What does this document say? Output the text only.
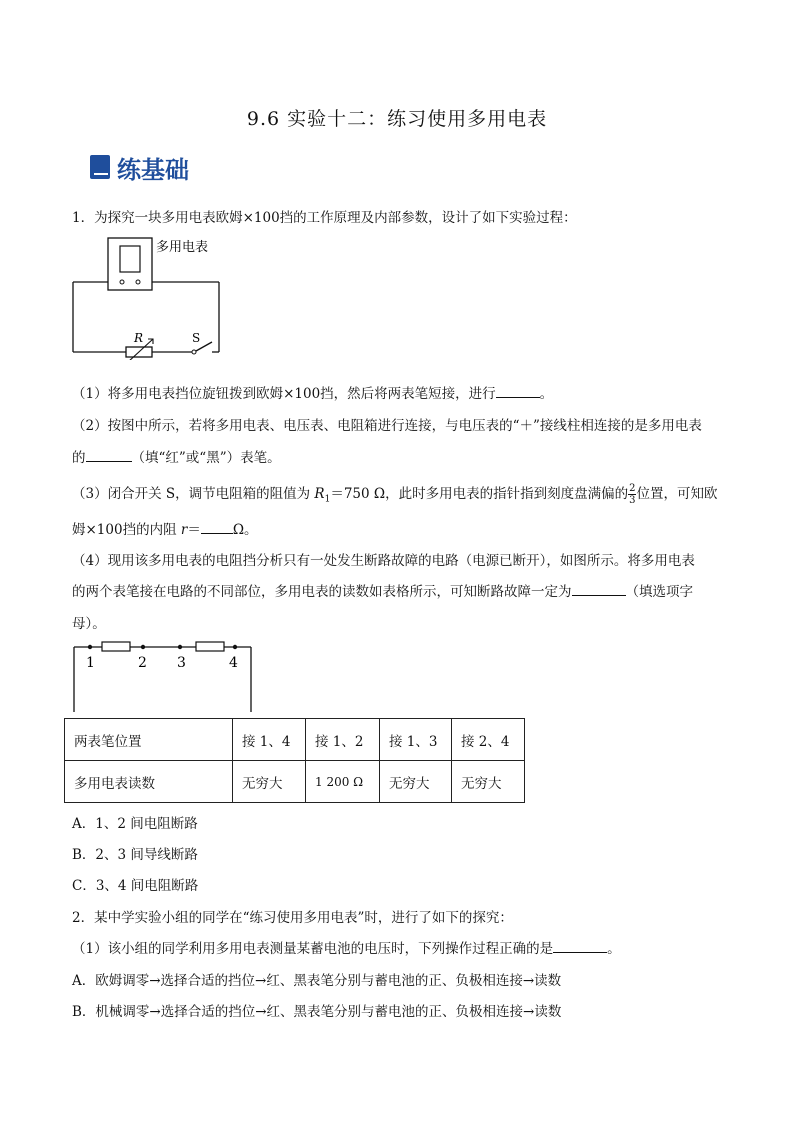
9.6 实验十二：练习使用多用电表
练基础
1．为探究一块多用电表欧姆×100挡的工作原理及内部参数，设计了如下实验过程：
多用电表
R	S
（1）将多用电表挡位旋钮拨到欧姆×100挡，然后将两表笔短接，进行	。
（2）按图中所示，若将多用电表、电压表、电阻箱进行连接，与电压表的“＋”接线柱相连接的是多用电表
的	（填“红”或“黑”）表笔。
（3）闭合开关 S，调节电阻箱的阻值为 $R_1=750$ Ω，此时多用电表的指针指到刻度盘满偏的 $\frac{2}{3}$ 位置，可知欧
姆×100挡的内阻 r＝ Ω。
（4）现用该多用电表的电阻挡分析只有一处发生断路故障的电路（电源已断开），如图所示。将多用电表
的两个表笔接在电路的不同部位，多用电表的读数如表格所示，可知断路故障一定为	（填选项字
母）。
1	2 3	4
两表笔位置	接 1、4	接 1、2	接 1、3	接 2、4
多用电表读数	无穷大	1 200 Ω	无穷大	无穷大
A．1、2 间电阻断路
B．2、3 间导线断路
C．3、4 间电阻断路
2．某中学实验小组的同学在“练习使用多用电表”时，进行了如下的探究：
（1）该小组的同学利用多用电表测量某蓄电池的电压时，下列操作过程正确的是	。
A．欧姆调零→选择合适的挡位→红、黑表笔分别与蓄电池的正、负极相连接→读数
B．机械调零→选择合适的挡位→红、黑表笔分别与蓄电池的正、负极相连接→读数
